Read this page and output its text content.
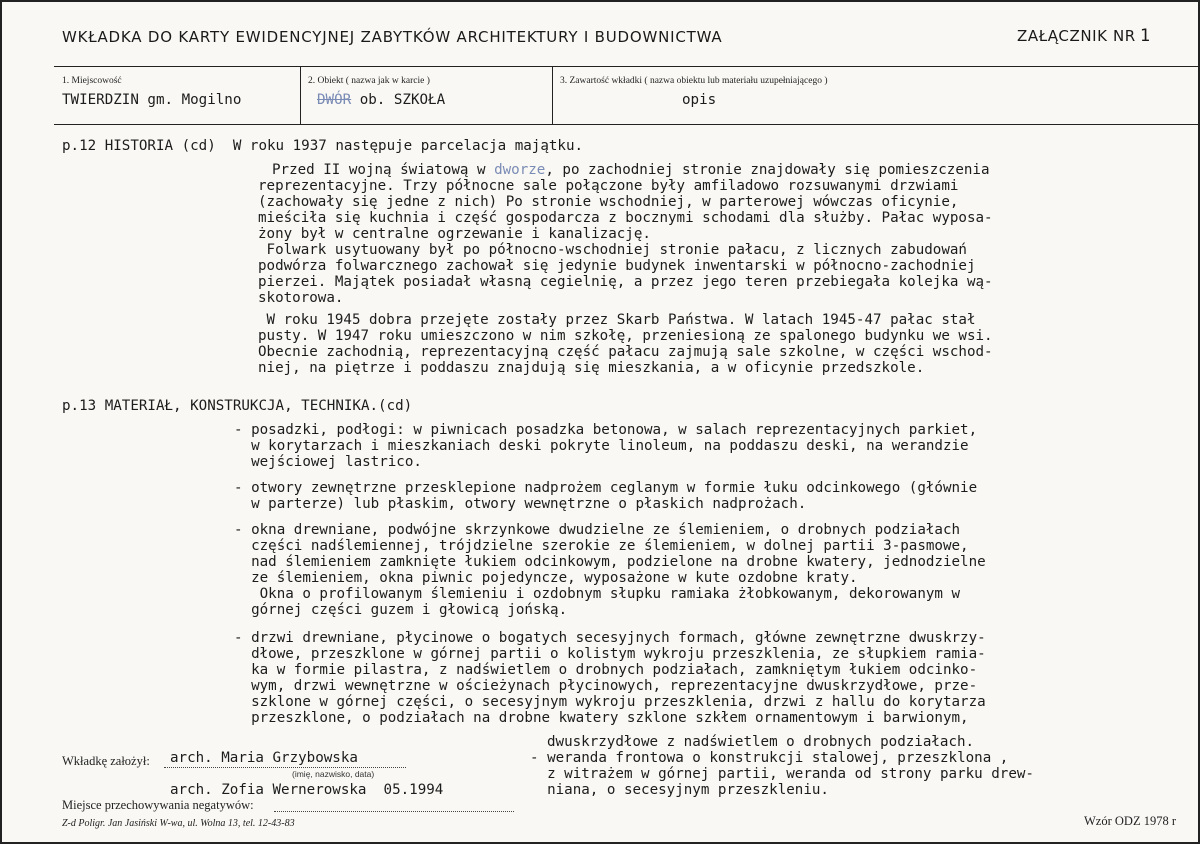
WKŁADKA DO KARTY EWIDENCYJNEJ ZABYTKÓW ARCHITEKTURY I BUDOWNICTWA	ZAŁĄCZNIK NR 1
1. Miejscowość
TWIERDZIN gm. Mogilno
2. Obiekt ( nazwa jak w karcie )
DWÓR ob. SZKOŁA
3. Zawartość wkładki ( nazwa obiektu lub materiału uzupełniającego )
opis
p.12 HISTORIA (cd)  W roku 1937 następuje parcelacja majątku.
Przed II wojną światową w dworze, po zachodniej stronie znajdowały się pomieszczenia
reprezentacyjne. Trzy północne sale połączone były amfiladowo rozsuwanymi drzwiami
(zachowały się jedne z nich) Po stronie wschodniej, w parterowej wówczas oficynie,
mieściła się kuchnia i część gospodarcza z bocznymi schodami dla służby. Pałac wyposa-
żony był w centralne ogrzewanie i kanalizację.
Folwark usytuowany był po północno-wschodniej stronie pałacu, z licznych zabudowań
podwórza folwarcznego zachował się jedynie budynek inwentarski w północno-zachodniej
pierzei. Majątek posiadał własną cegielnię, a przez jego teren przebiegała kolejka wą-
skotorowa.
W roku 1945 dobra przejęte zostały przez Skarb Państwa. W latach 1945-47 pałac stał
pusty. W 1947 roku umieszczono w nim szkołę, przeniesioną ze spalonego budynku we wsi.
Obecnie zachodnią, reprezentacyjną część pałacu zajmują sale szkolne, w części wschod-
niej, na piętrze i poddaszu znajdują się mieszkania, a w oficynie przedszkole.
p.13 MATERIAŁ, KONSTRUKCJA, TECHNIKA.(cd)
- posadzki, podłogi: w piwnicach posadzka betonowa, w salach reprezentacyjnych parkiet,
w korytarzach i mieszkaniach deski pokryte linoleum, na poddaszu deski, na werandzie
wejściowej lastrico.
- otwory zewnętrzne przesklepione nadprożem ceglanym w formie łuku odcinkowego (głównie
w parterze) lub płaskim, otwory wewnętrzne o płaskich nadprożach.
- okna drewniane, podwójne skrzynkowe dwudzielne ze ślemieniem, o drobnych podziałach
części nadślemiennej, trójdzielne szerokie ze ślemieniem, w dolnej partii 3-pasmowe,
nad ślemieniem zamknięte łukiem odcinkowym, podzielone na drobne kwatery, jednodzielne
ze ślemieniem, okna piwnic pojedyncze, wyposażone w kute ozdobne kraty.
Okna o profilowanym ślemieniu i ozdobnym słupku ramiaka żłobkowanym, dekorowanym w
górnej części guzem i głowicą jońską.
- drzwi drewniane, płycinowe o bogatych secesyjnych formach, główne zewnętrzne dwuskrzy-
dłowe, przeszklone w górnej partii o kolistym wykroju przeszklenia, ze słupkiem ramia-
ka w formie pilastra, z nadświetlem o drobnych podziałach, zamkniętym łukiem odcinko-
wym, drzwi wewnętrzne w ościeżynach płycinowych, reprezentacyjne dwuskrzydłowe, prze-
szklone w górnej części, o secesyjnym wykroju przeszklenia, drzwi z hallu do korytarza
przeszklone, o podziałach na drobne kwatery szklone szkłem ornamentowym i barwionym,
dwuskrzydłowe z nadświetlem o drobnych podziałach.
- weranda frontowa o konstrukcji stalowej, przeszklona ,
z witrażem w górnej partii, weranda od strony parku drew-
niana, o secesyjnym przeszkleniu.
Wkładkę założył: arch. Maria Grzybowska
(imię, nazwisko, data)
arch. Zofia Wernerowska  05.1994
Miejsce przechowywania negatywów:
Z-d Poligr. Jan Jasiński W-wa, ul. Wolna 13, tel. 12-43-83	Wzór ODZ 1978 r
